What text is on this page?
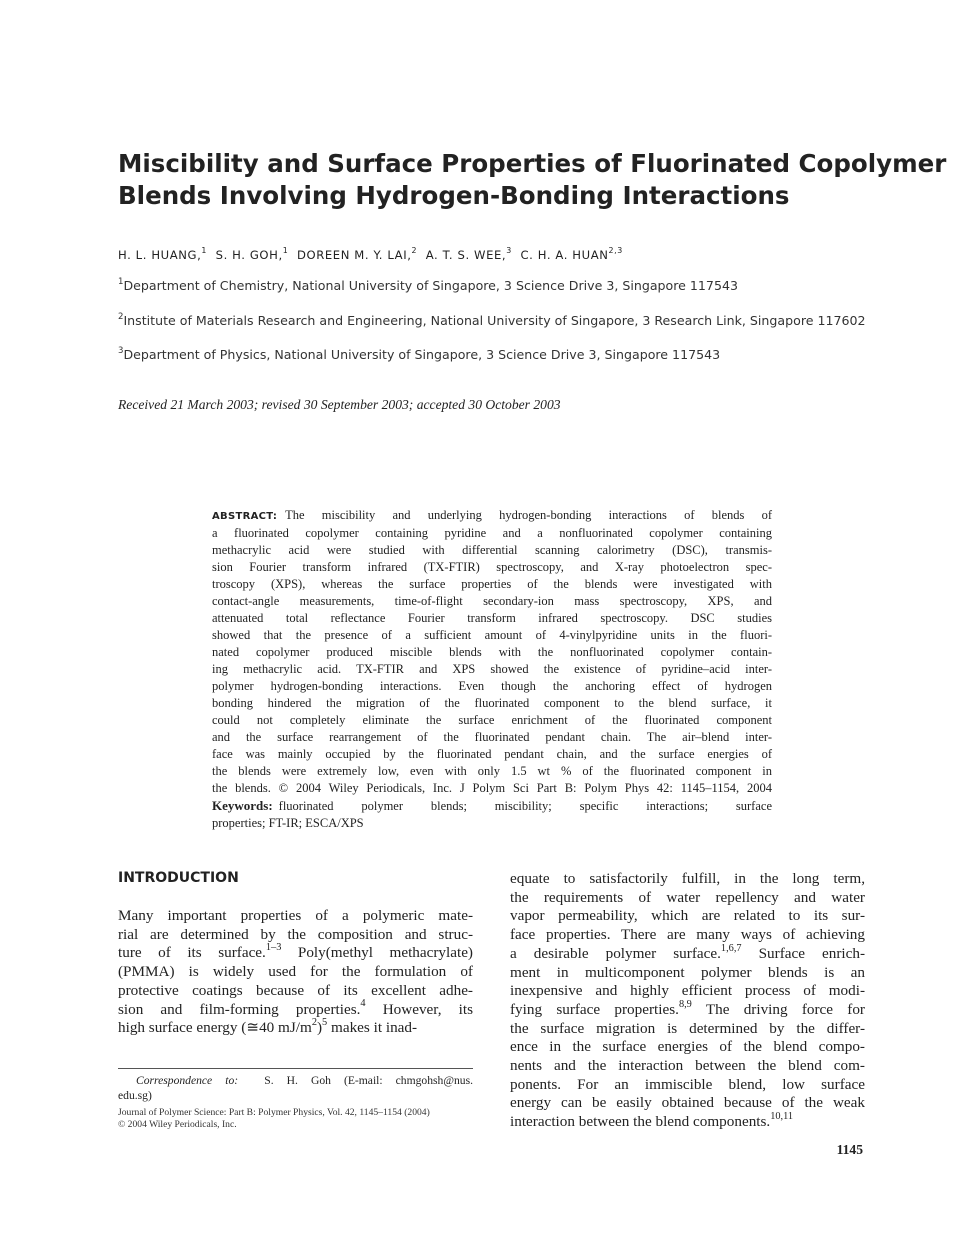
Miscibility and Surface Properties of Fluorinated Copolymer
Blends Involving Hydrogen-Bonding Interactions
H. L. HUANG,$^1$ S. H. GOH,$^1$ DOREEN M. Y. LAI,$^2$ A. T. S. WEE,$^3$ C. H. A. HUAN$^{2,3}$
$^1$Department of Chemistry, National University of Singapore, 3 Science Drive 3, Singapore 117543
$^2$Institute of Materials Research and Engineering, National University of Singapore, 3 Research Link, Singapore 117602
$^3$Department of Physics, National University of Singapore, 3 Science Drive 3, Singapore 117543
Received 21 March 2003; revised 30 September 2003; accepted 30 October 2003
ABSTRACT: The miscibility and underlying hydrogen-bonding interactions of blends of
a fluorinated copolymer containing pyridine and a nonfluorinated copolymer containing
methacrylic acid were studied with differential scanning calorimetry (DSC), transmis-
sion Fourier transform infrared (TX-FTIR) spectroscopy, and X-ray photoelectron spec-
troscopy (XPS), whereas the surface properties of the blends were investigated with
contact-angle measurements, time-of-flight secondary-ion mass spectroscopy, XPS, and
attenuated total reflectance Fourier transform infrared spectroscopy. DSC studies
showed that the presence of a sufficient amount of 4-vinylpyridine units in the fluori-
nated copolymer produced miscible blends with the nonfluorinated copolymer contain-
ing methacrylic acid. TX-FTIR and XPS showed the existence of pyridine–acid inter-
polymer hydrogen-bonding interactions. Even though the anchoring effect of hydrogen
bonding hindered the migration of the fluorinated component to the blend surface, it
could not completely eliminate the surface enrichment of the fluorinated component
and the surface rearrangement of the fluorinated pendant chain. The air–blend inter-
face was mainly occupied by the fluorinated pendant chain, and the surface energies of
the blends were extremely low, even with only 1.5 wt % of the fluorinated component in
the blends. © 2004 Wiley Periodicals, Inc. J Polym Sci Part B: Polym Phys 42: 1145–1154, 2004
Keywords: fluorinated polymer blends; miscibility; specific interactions; surface
properties; FT-IR; ESCA/XPS
INTRODUCTION
Many important properties of a polymeric mate-
rial are determined by the composition and struc-
ture of its surface.$^{1-3}$ Poly(methyl methacrylate)
(PMMA) is widely used for the formulation of
protective coatings because of its excellent adhe-
sion and film-forming properties.$^4$ However, its
high surface energy (≅40 $mJ/m^2)^5$ makes it inad-
equate to satisfactorily fulfill, in the long term,
the requirements of water repellency and water
vapor permeability, which are related to its sur-
face properties. There are many ways of achieving
a desirable polymer surface.$^{1,6,7}$ Surface enrich-
ment in multicomponent polymer blends is an
inexpensive and highly efficient process of modi-
fying surface properties.$^{8,9}$ The driving force for
the surface migration is determined by the differ-
ence in the surface energies of the blend compo-
nents and the interaction between the blend com-
ponents. For an immiscible blend, low surface
energy can be easily obtained because of the weak
interaction between the blend components.$^{10,11}$
Correspondence to: S. H. Goh (E-mail: chmgohsh@nus.
edu.sg)
Journal of Polymer Science: Part B: Polymer Physics, Vol. 42, 1145–1154 (2004)
© 2004 Wiley Periodicals, Inc.
1145
